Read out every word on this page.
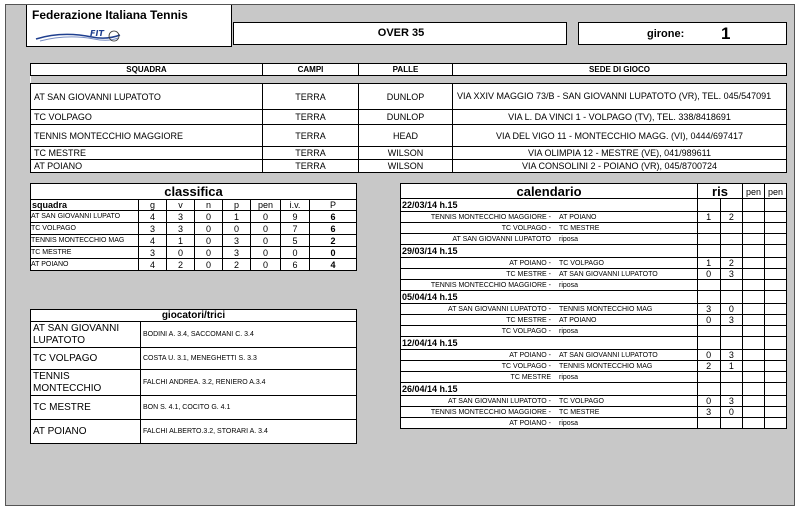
Federazione Italiana Tennis
FIT	OVER 35	girone: 1
SQUADRA	CAMPI	PALLE	SEDE DI GIOCO

AT SAN GIOVANNI LUPATOTO	TERRA	DUNLOP	VIA XXIV MAGGIO 73/B - SAN GIOVANNI LUPATOTO (VR), TEL. 045/547091
TC VOLPAGO	TERRA	DUNLOP	VIA L. DA VINCI 1 - VOLPAGO (TV), TEL. 338/8418691
TENNIS MONTECCHIO MAGGIORE	TERRA	HEAD	VIA DEL VIGO 11 - MONTECCHIO MAGG. (VI), 0444/697417
TC MESTRE	TERRA	WILSON	VIA OLIMPIA 12 - MESTRE (VE), 041/989611
AT POIANO	TERRA	WILSON	VIA CONSOLINI 2 - POIANO (VR), 045/8700724
classifica							
squadra	g	v	n	p	pen	i.v.	P
AT SAN GIOVANNI LUPATO	4	3	0	1	0	9	6
TC VOLPAGO	3	3	0	0	0	7	6
TENNIS MONTECCHIO MAG	4	1	0	3	0	5	2
TC MESTRE	3	0	0	3	0	0	0
AT POIANO	4	2	0	2	0	6	4
giocatori/trici	
AT SAN GIOVANNI LUPATOTO	BODINI A. 3.4, SACCOMANI C. 3.4
TC VOLPAGO	COSTA U. 3.1, MENEGHETTI S. 3.3
TENNIS MONTECCHIO	FALCHI ANDREA. 3.2, RENIERO A.3.4
TC MESTRE	BON S. 4.1, COCITO G. 4.1
AT POIANO	FALCHI ALBERTO.3.2, STORARI A. 3.4
calendario	ris	pen	pen
22/03/14 h.15				
TENNIS MONTECCHIO MAGGIORE - AT POIANO	1	2		
TC VOLPAGO - TC MESTRE				
AT SAN GIOVANNI LUPATOTO riposa				
29/03/14 h.15				
AT POIANO - TC VOLPAGO	1	2		
TC MESTRE - AT SAN GIOVANNI LUPATOTO	0	3		
TENNIS MONTECCHIO MAGGIORE - riposa				
05/04/14 h.15				
AT SAN GIOVANNI LUPATOTO - TENNIS MONTECCHIO MAG	3	0		
TC MESTRE - AT POIANO	0	3		
TC VOLPAGO - riposa				
12/04/14 h.15				
AT POIANO - AT SAN GIOVANNI LUPATOTO	0	3		
TC VOLPAGO - TENNIS MONTECCHIO MAG	2	1		
TC MESTRE riposa				
26/04/14 h.15				
AT SAN GIOVANNI LUPATOTO - TC VOLPAGO	0	3		
TENNIS MONTECCHIO MAGGIORE - TC MESTRE	3	0		
AT POIANO - riposa				
